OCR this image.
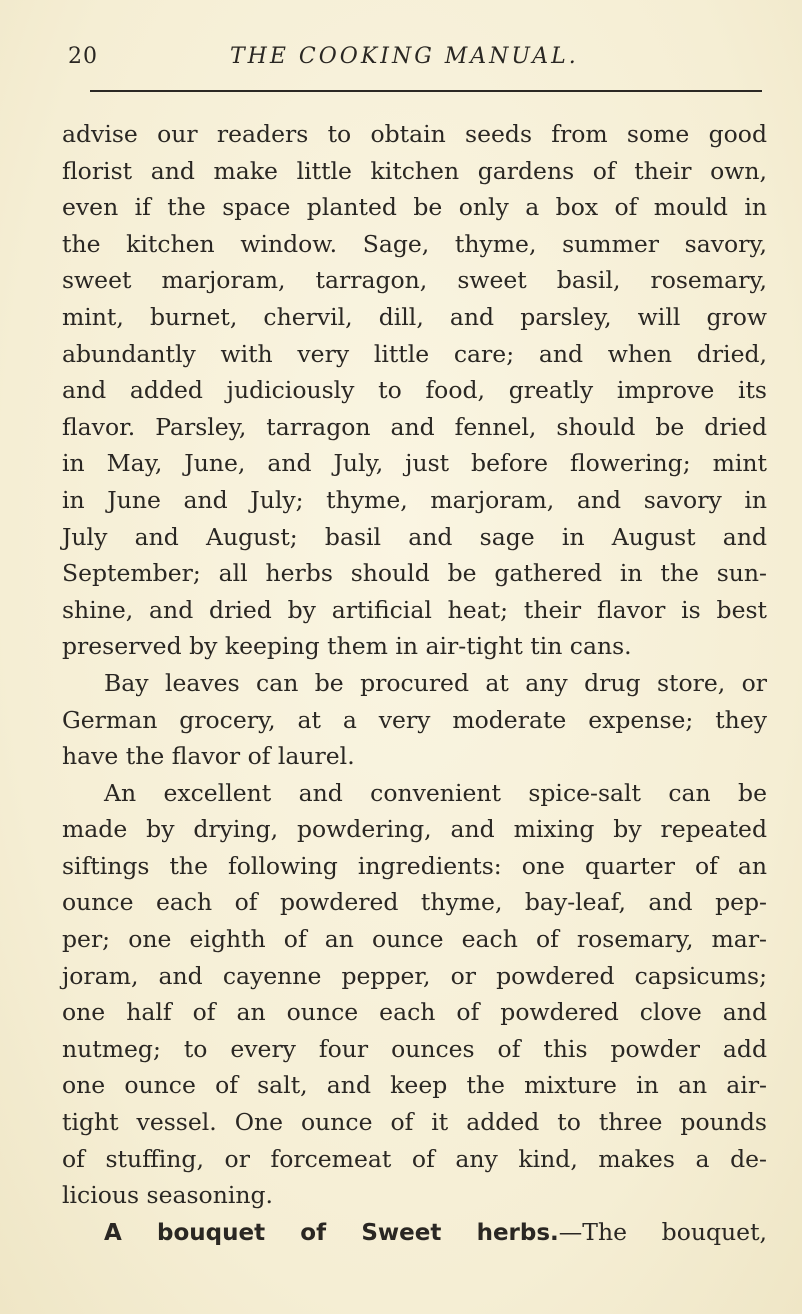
20	THE COOKING MANUAL.
advise our readers to obtain seeds from some good
florist and make little kitchen gardens of their own,
even if the space planted be only a box of mould in
the kitchen window. Sage, thyme, summer savory,
sweet marjoram, tarragon, sweet basil, rosemary,
mint, burnet, chervil, dill, and parsley, will grow
abundantly with very little care; and when dried,
and added judiciously to food, greatly improve its
flavor. Parsley, tarragon and fennel, should be dried
in May, June, and July, just before flowering; mint
in June and July; thyme, marjoram, and savory in
July and August; basil and sage in August and
September; all herbs should be gathered in the sun-
shine, and dried by artificial heat; their flavor is best
preserved by keeping them in air-tight tin cans.
Bay leaves can be procured at any drug store, or
German grocery, at a very moderate expense; they
have the flavor of laurel.
An excellent and convenient spice-salt can be
made by drying, powdering, and mixing by repeated
siftings the following ingredients: one quarter of an
ounce each of powdered thyme, bay-leaf, and pep-
per; one eighth of an ounce each of rosemary, mar-
joram, and cayenne pepper, or powdered capsicums;
one half of an ounce each of powdered clove and
nutmeg; to every four ounces of this powder add
one ounce of salt, and keep the mixture in an air-
tight vessel. One ounce of it added to three pounds
of stuffing, or forcemeat of any kind, makes a de-
licious seasoning.
A bouquet of Sweet herbs.—The bouquet,
